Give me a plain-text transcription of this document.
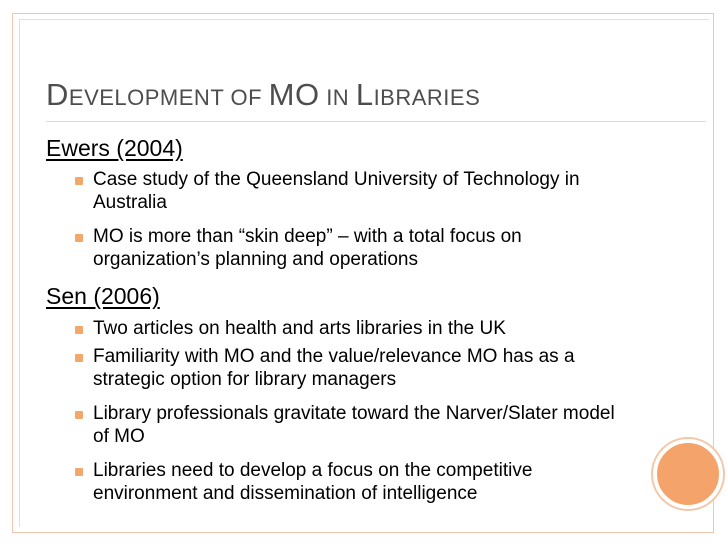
DEVELOPMENT OF MO IN LIBRARIES
Ewers (2004)
Case study of the Queensland University of Technology in Australia
MO is more than “skin deep” – with a total focus on organization’s planning and operations
Sen (2006)
Two articles on health and arts libraries in the UK
Familiarity with MO and the value/relevance MO has as a strategic option for library managers
Library professionals gravitate toward the Narver/Slater model of MO
Libraries need to develop a focus on the competitive environment and dissemination of intelligence
